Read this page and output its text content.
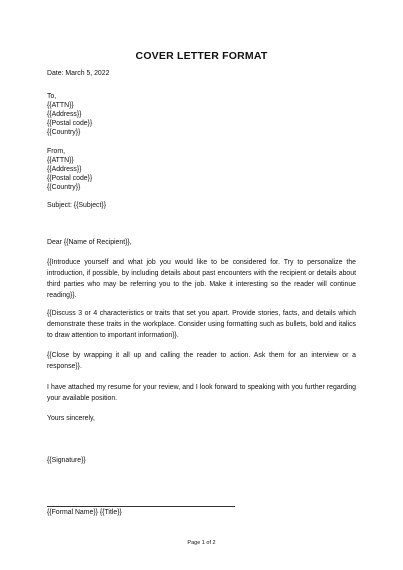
COVER LETTER FORMAT
Date: March 5, 2022
To,
{{ATTN}}
{{Address}}
{{Postal code}}
{{Country}}
From,
{{ATTN}}
{{Address}}
{{Postal code}}
{{Country}}
Subject: {{Subject}}
Dear {{Name of Recipient}},
{{Introduce yourself and what job you would like to be considered for. Try to personalize the introduction, if possible, by including details about past encounters with the recipient or details about third parties who may be referring you to the job. Make it interesting so the reader will continue reading}}.
{{Discuss 3 or 4 characteristics or traits that set you apart. Provide stories, facts, and details which demonstrate these traits in the workplace. Consider using formatting such as bullets, bold and italics to draw attention to important information}}.
{{Close by wrapping it all up and calling the reader to action. Ask them for an interview or a response}}.
I have attached my resume for your review, and I look forward to speaking with you further regarding your available position.
Yours sincerely,
{{Signature}}
{{Formal Name}} {{Title}}
Page 1 of 2
